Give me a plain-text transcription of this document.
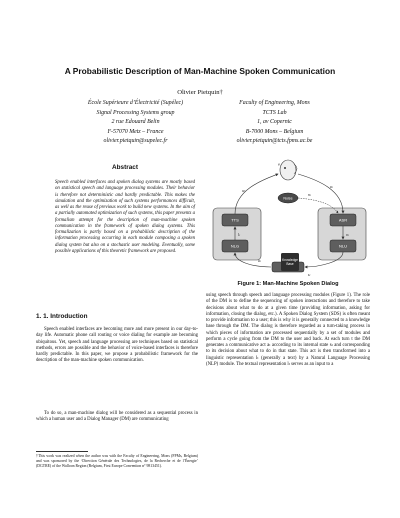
A Probabilistic Description of Man-Machine Spoken Communication
Olivier Pietquin†
École Supérieure d’Électricité (Supélec)
Signal Processing Systems group
2 rue Edouard Belin
F-57070 Metz – France
olivier.pietquin@supelec.fr
Faculty of Engineering, Mons
TCTS Lab
1, av Copernic
B-7000 Mons – Belgium
olivier.pietquin@tcts.fpms.ac.be
Abstract
Speech enabled interfaces and spoken dialog systems are mostly based on statistical speech and language processing modules. Their behavior is therefore not deterministic and hardly predictable. This makes the simulation and the optimization of such systems performances difficult, as well as the reuse of previous work to build new systems. In the aim of a partially automated optimization of such systems, this paper presents a formalism attempt for the description of man-machine spoken communication in the framework of spoken dialog systems. This formalization is partly based on a probabilistic description of the information processing occurring in each module composing a spoken dialog system but also on a stochastic user modeling. Eventually, some possible applications of this theoretic framework are proposed.
1. 1. Introduction
Speech enabled interfaces are becoming more and more present in our day-to-day life. Automatic phone call routing or voice dialing for example are becoming ubiquitous. Yet, speech and language processing are techniques based on statistical methods, errors are possible and the behavior of voice-based interfaces is therefore hardly predictable. In this paper, we propose a probabilistic framework for the description of the man-machine spoken communication.
To do so, a man-machine dialog will be considered as a sequential process in which a human user and a Dialog Manager (DM) are communicating
†This work was realized when the author was with the Faculty of Engineering, Mons (FPMs, Belgium) and was sponsored by the ‘Direction Générale des Technologies, de la Recherche et de l’Énergie’ (DGTRE) of the Walloon Region (Belgium, First Europe Convention n° 9813451).
g
Noise
TTS
NLG
ASR
NLU
lₜ
wₜ
nₜ
uₜ
oₜ
aₜ
sₜ
Knowledge Base
Figure 1: Man-Machine Spoken Dialog
using speech through speech and language processing modules (Figure 1). The role of the DM is to define the sequencing of spoken interactions and therefore to take decisions about what to do at a given time (providing information, asking for information, closing the dialog, etc.). A Spoken Dialog System (SDS) is often meant to provide information to a user; this is why it is generally connected to a knowledge base through the DM. The dialog is therefore regarded as a turn-taking process in which pieces of information are processed sequentially by a set of modules and perform a cycle going from the DM to the user and back. At each turn t the DM generates a communicative act aₜ according to its internal state sₜ and corresponding to its decision about what to do in that state. This act is then transformed into a linguistic representation lₜ (generally a text) by a Natural Language Processing (NLP) module. The textual representation lₜ serves as an input to a
